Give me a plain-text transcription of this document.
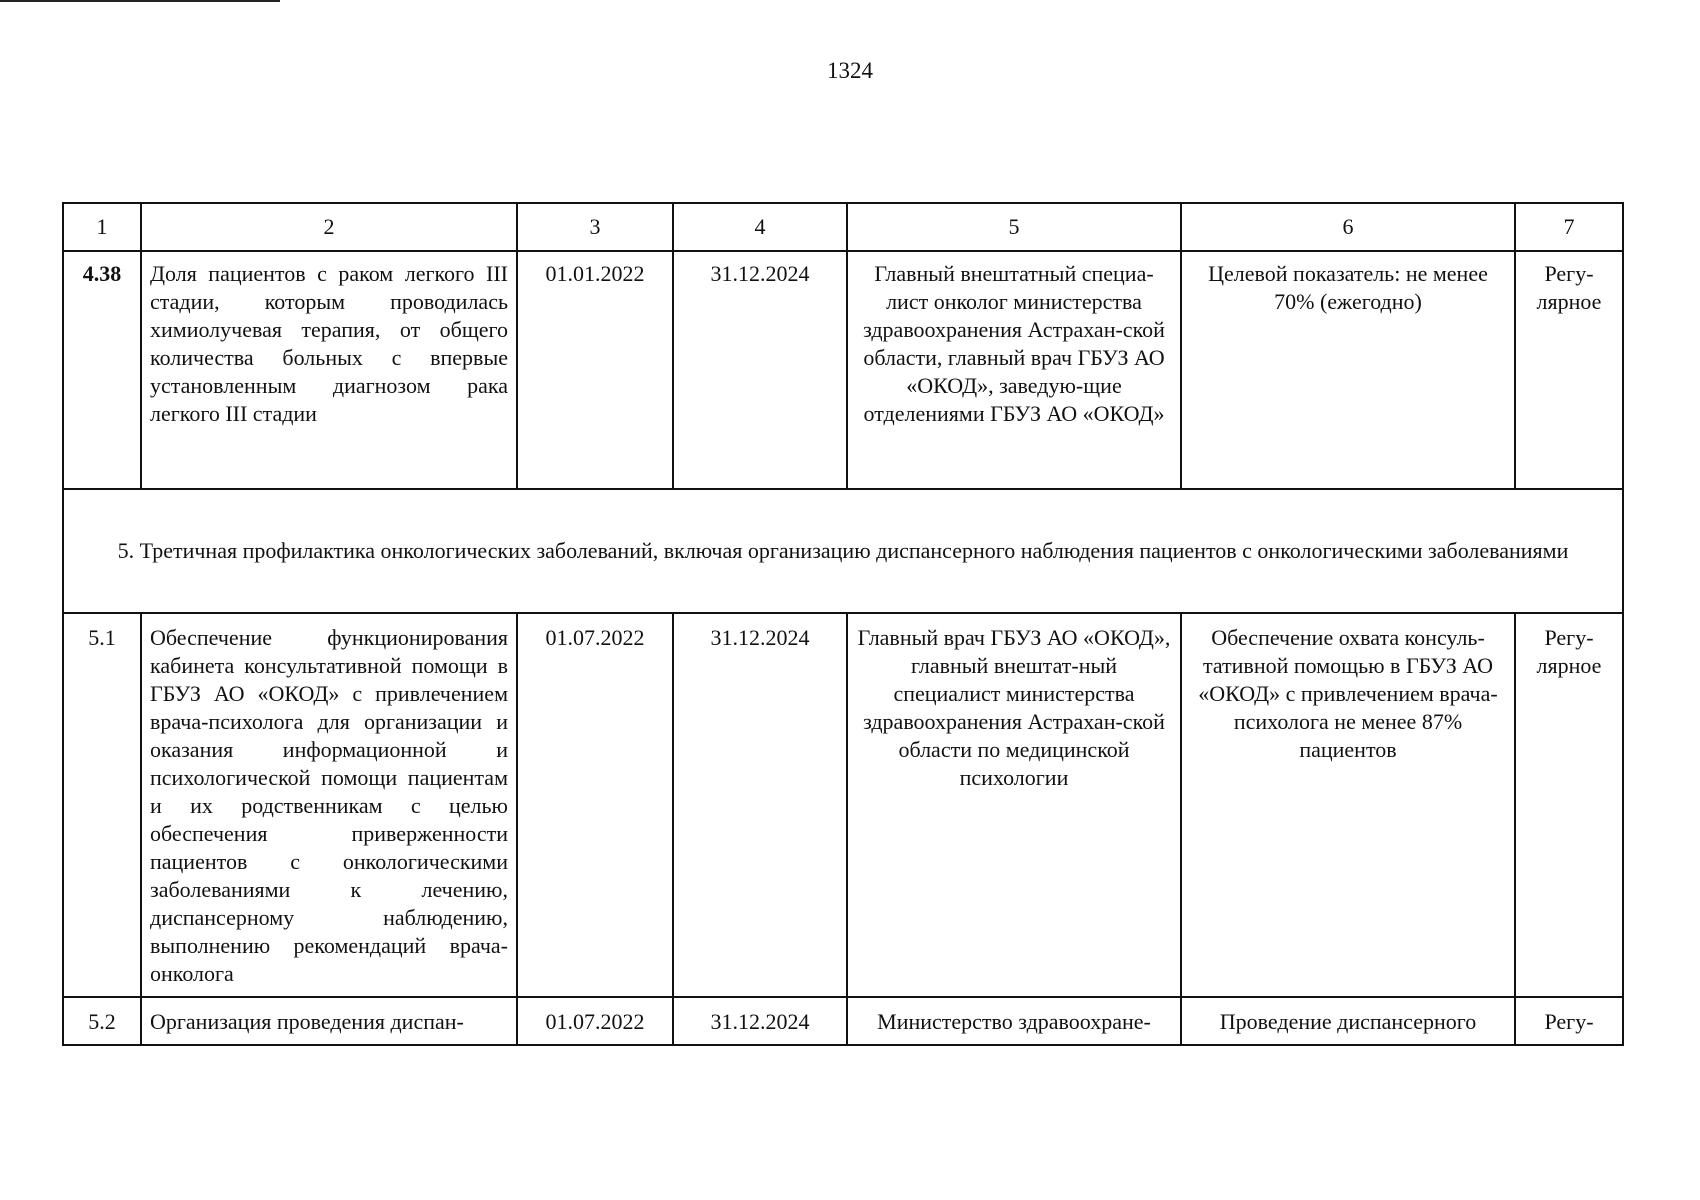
1324
1	2	3	4	5	6	7
4.38	Доля пациентов с раком легкого III стадии, которым проводилась химиолучевая терапия, от общего количества больных с впервые установленным диагнозом рака легкого III стадии	01.01.2022	31.12.2024	Главный внештатный специа-лист онколог министерства здравоохранения Астрахан-ской области, главный врач ГБУЗ АО «ОКОД», заведую-щие отделениями ГБУЗ АО «ОКОД»	Целевой показатель: не менее 70% (ежегодно)	Регу-лярное
5. Третичная профилактика онкологических заболеваний, включая организацию диспансерного наблюдения пациентов с онкологическими заболеваниями						
5.1	Обеспечение функционирования кабинета консультативной помощи в ГБУЗ АО «ОКОД» с привлечением врача-психолога для организации и оказания информационной и психологической помощи пациентам и их родственникам с целью обеспечения приверженности пациентов с онкологическими заболеваниями к лечению, диспансерному наблюдению, выполнению рекомендаций врача-онколога	01.07.2022	31.12.2024	Главный врач ГБУЗ АО «ОКОД», главный внештат-ный специалист министерства здравоохранения Астрахан-ской области по медицинской психологии	Обеспечение охвата консуль-тативной помощью в ГБУЗ АО «ОКОД» с привлечением врача-психолога не менее 87% пациентов	Регу-лярное
5.2	Организация проведения диспан-	01.07.2022	31.12.2024	Министерство здравоохране-	Проведение диспансерного	Регу-
